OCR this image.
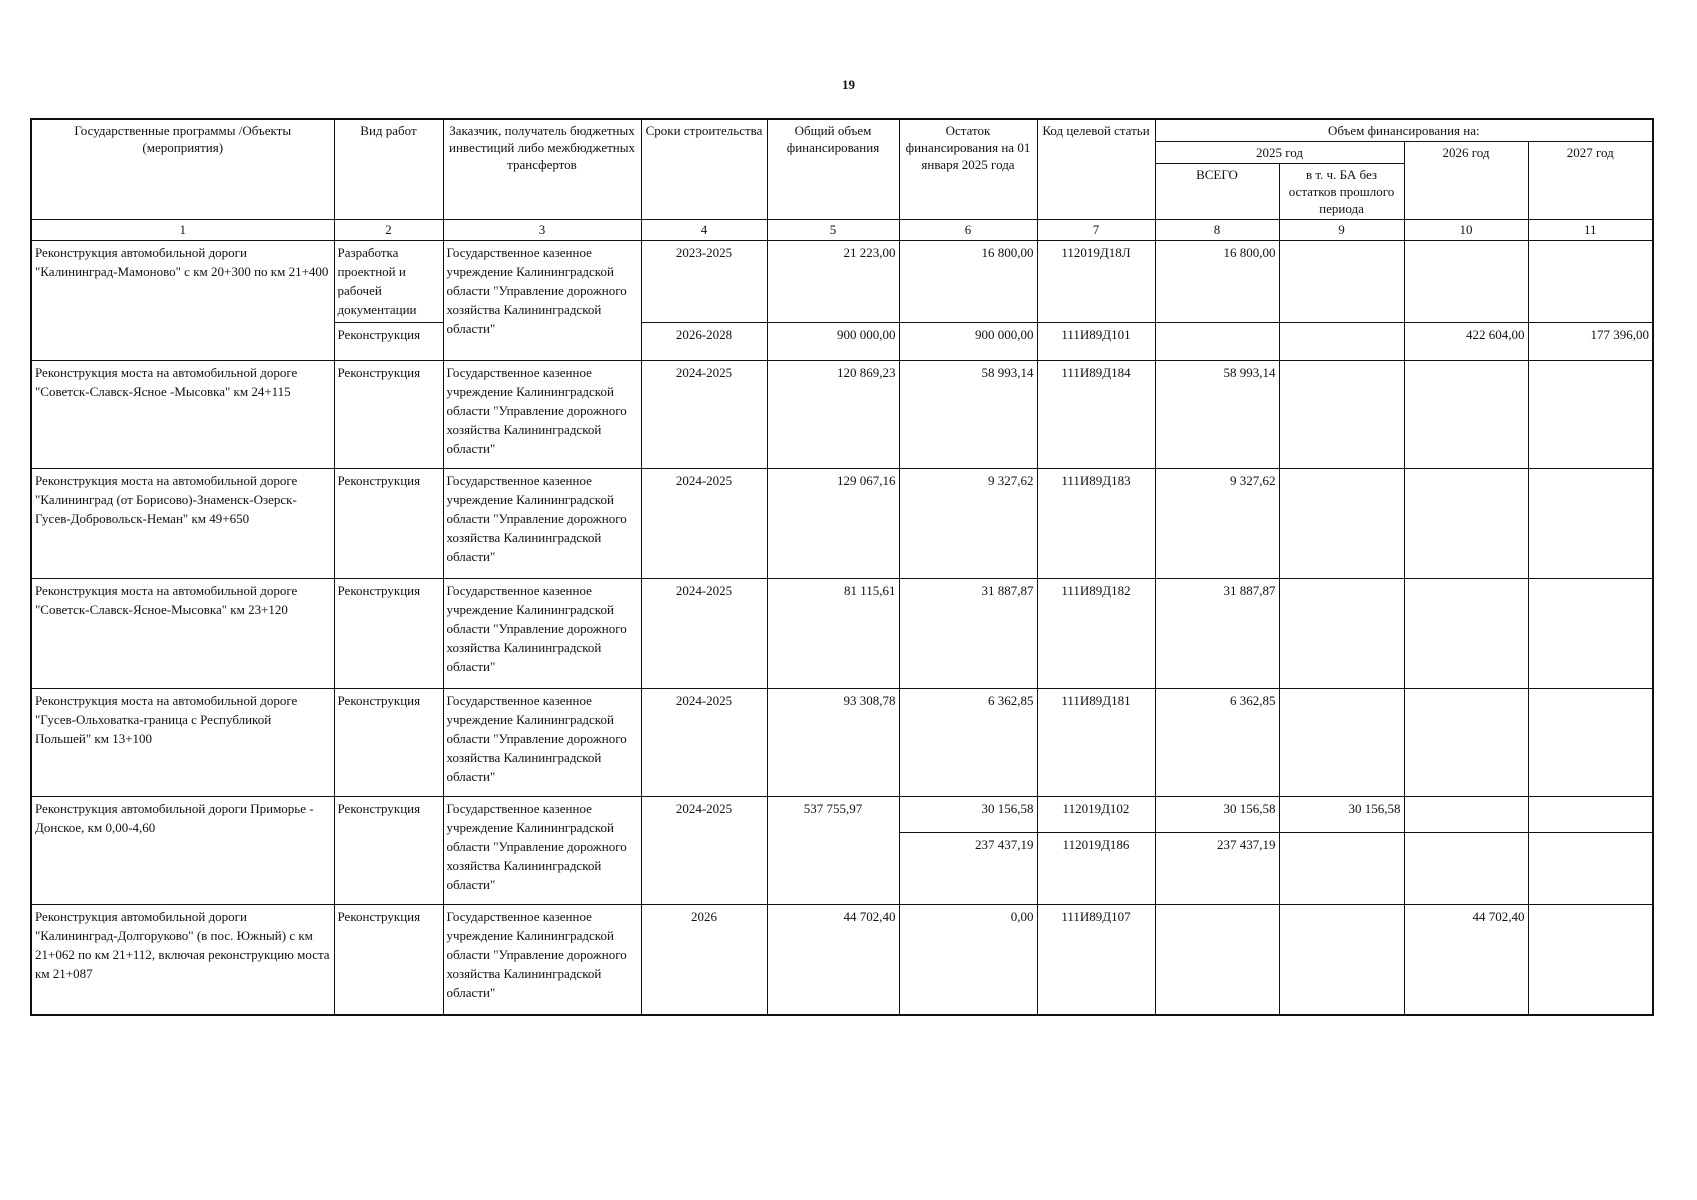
19
Государственные программы /Объекты (мероприятия)	Вид работ	Заказчик, получатель бюджетных инвестиций либо межбюджетных трансфертов	Сроки строительства	Общий объем финансирования	Остаток финансирования на 01 января 2025 года	Код целевой статьи	Объем финансирования на:			
							2025 год		2026 год	2027 год
							ВСЕГО	в т. ч. БА без остатков прошлого периода		
1	2	3	4	5	6	7	8	9	10	11
Реконструкция автомобильной дороги "Калининград-Мамоново" с км 20+300 по км 21+400	Разработка проектной и рабочей документации	Государственное казенное учреждение Калининградской области "Управление дорожного хозяйства Калининградской области"	2023-2025	21 223,00	16 800,00	112019Д18Л	16 800,00			
	Реконструкция		2026-2028	900 000,00	900 000,00	111И89Д101			422 604,00	177 396,00
Реконструкция моста на автомобильной дороге "Советск-Славск-Ясное -Мысовка" км 24+115	Реконструкция	Государственное казенное учреждение Калининградской области "Управление дорожного хозяйства Калининградской области"	2024-2025	120 869,23	58 993,14	111И89Д184	58 993,14			
Реконструкция моста на автомобильной дороге "Калининград (от Борисово)-Знаменск-Озерск-Гусев-Добровольск-Неман" км 49+650	Реконструкция	Государственное казенное учреждение Калининградской области "Управление дорожного хозяйства Калининградской области"	2024-2025	129 067,16	9 327,62	111И89Д183	9 327,62			
Реконструкция моста на автомобильной дороге "Советск-Славск-Ясное-Мысовка" км 23+120	Реконструкция	Государственное казенное учреждение Калининградской области "Управление дорожного хозяйства Калининградской области"	2024-2025	81 115,61	31 887,87	111И89Д182	31 887,87			
Реконструкция моста на автомобильной дороге "Гусев-Ольховатка-граница с Республикой Польшей" км 13+100	Реконструкция	Государственное казенное учреждение Калининградской области "Управление дорожного хозяйства Калининградской области"	2024-2025	93 308,78	6 362,85	111И89Д181	6 362,85			
Реконструкция автомобильной дороги Приморье - Донское, км 0,00-4,60	Реконструкция	Государственное казенное учреждение Калининградской области "Управление дорожного хозяйства Калининградской области"	2024-2025	537 755,97	30 156,58	112019Д102	30 156,58	30 156,58		
					237 437,19	112019Д186	237 437,19			
Реконструкция автомобильной дороги "Калининград-Долгоруково" (в пос. Южный) с км 21+062 по км 21+112, включая реконструкцию моста км 21+087	Реконструкция	Государственное казенное учреждение Калининградской области "Управление дорожного хозяйства Калининградской области"	2026	44 702,40	0,00	111И89Д107			44 702,40	
